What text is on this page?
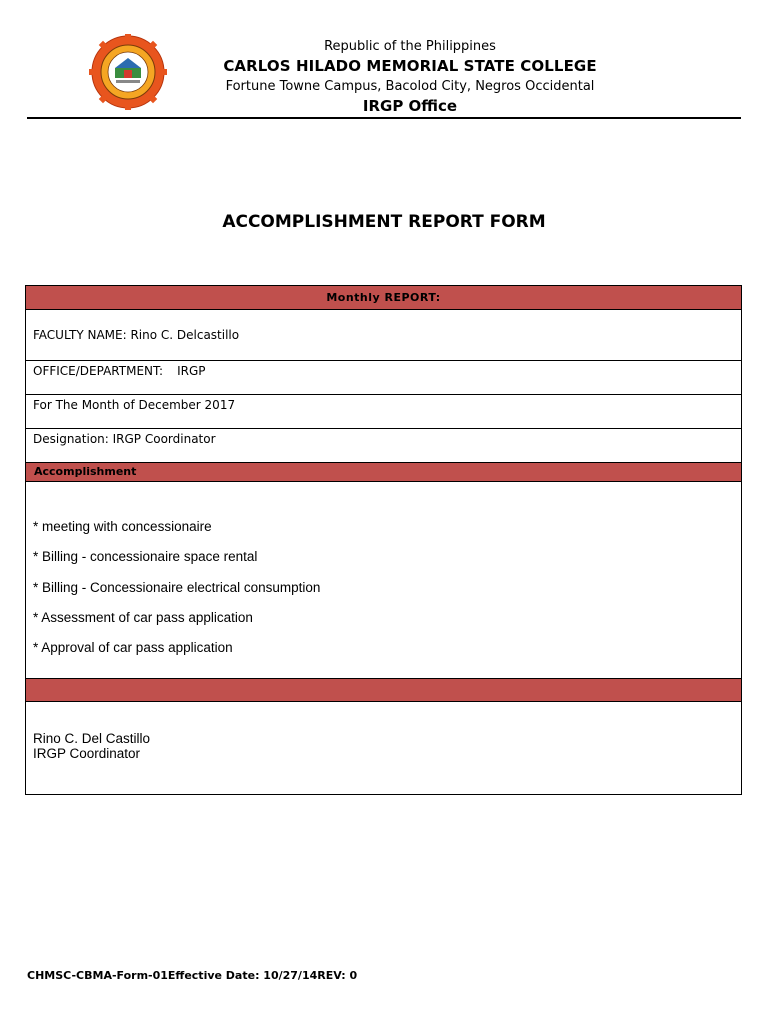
Republic of the Philippines
CARLOS HILADO MEMORIAL STATE COLLEGE
Fortune Towne Campus, Bacolod City, Negros Occidental
IRGP Office
ACCOMPLISHMENT REPORT FORM
Monthly REPORT:
FACULTY NAME: Rino C. Delcastillo
OFFICE/DEPARTMENT: IRGP
For The Month of December 2017
Designation: IRGP Coordinator
Accomplishment
* meeting with concessionaire
* Billing - concessionaire space rental
* Billing - Concessionaire electrical consumption
* Assessment of car pass application
* Approval of car pass application
Rino C. Del Castillo
IRGP Coordinator
CHMSC-CBMA-Form-01Effective Date: 10/27/14REV: 0
